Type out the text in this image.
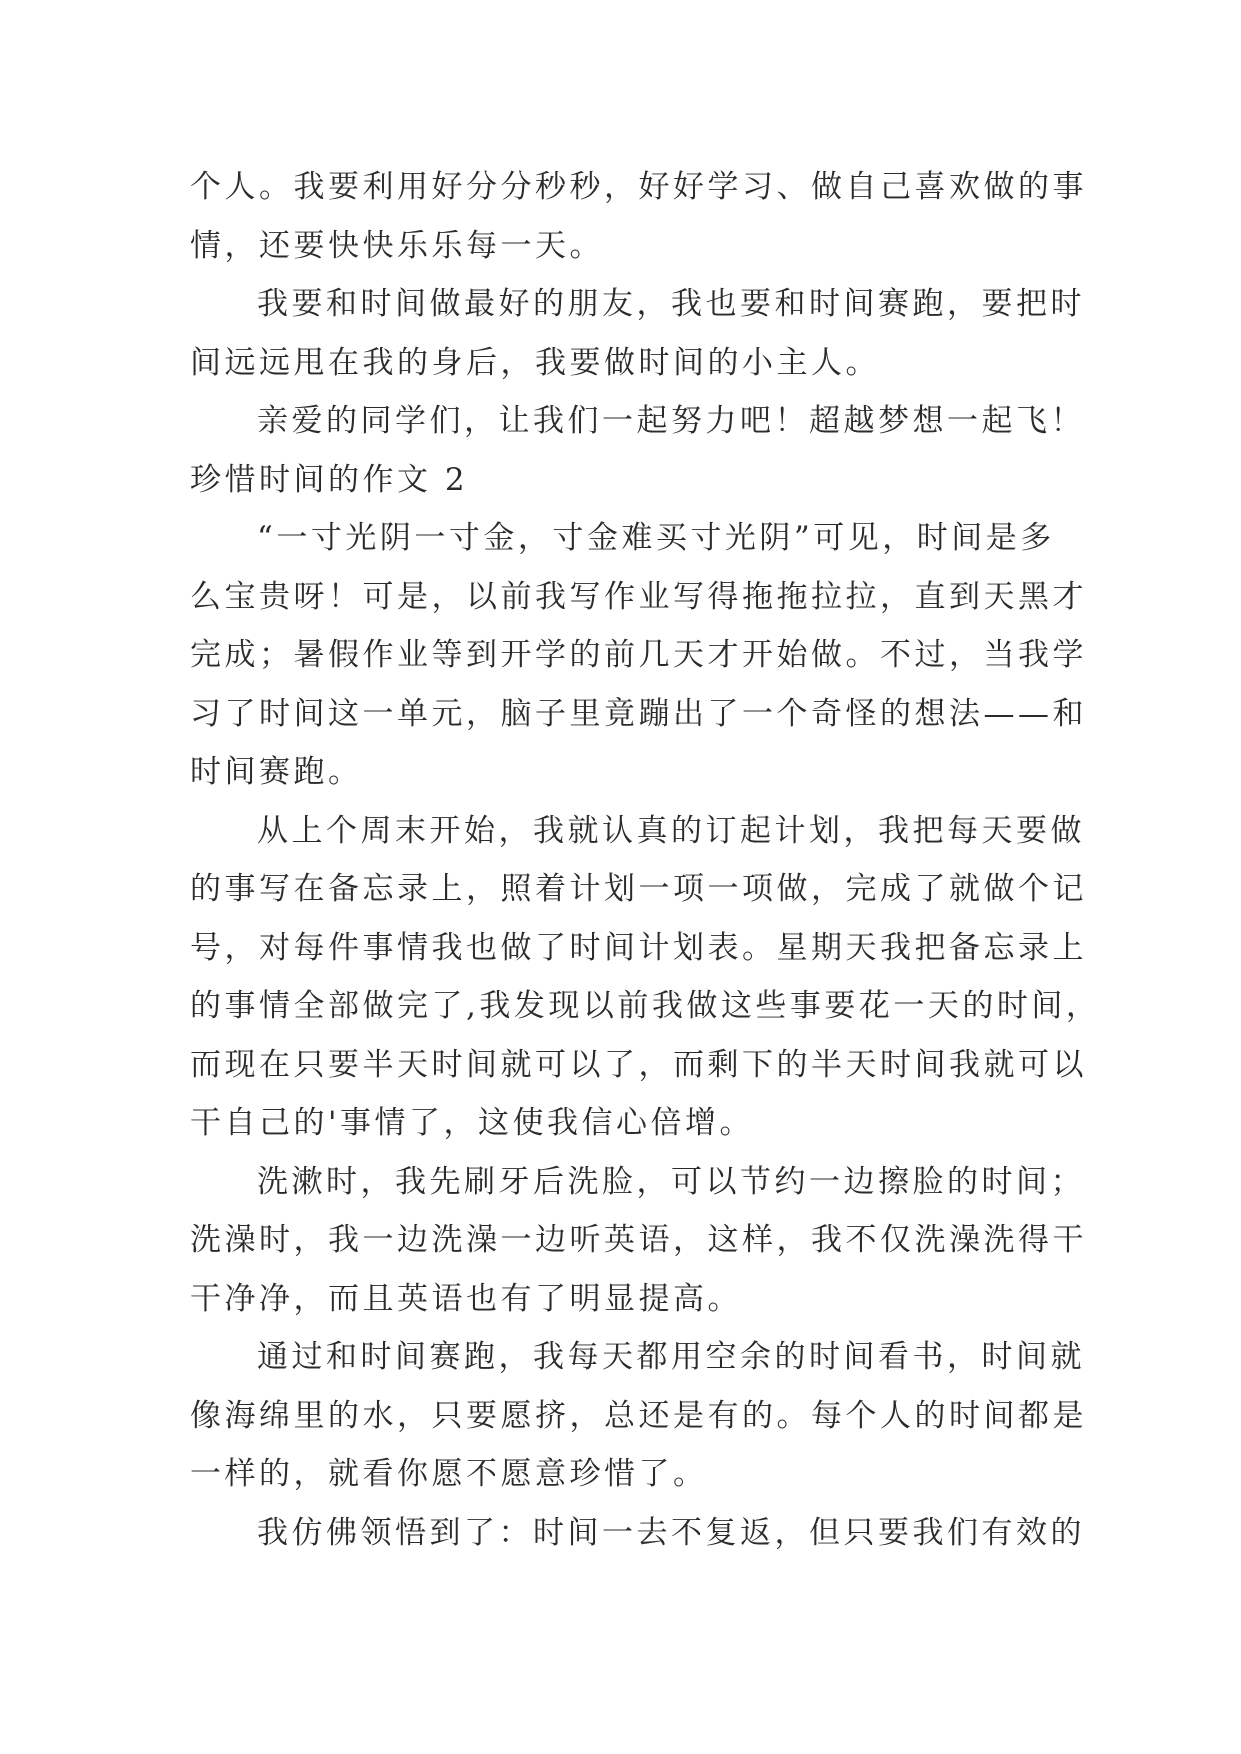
个人。我要利用好分分秒秒，好好学习、做自己喜欢做的事
情，还要快快乐乐每一天。
我要和时间做最好的朋友，我也要和时间赛跑，要把时
间远远甩在我的身后，我要做时间的小主人。
亲爱的同学们，让我们一起努力吧！超越梦想一起飞！
珍惜时间的作文 2
“一寸光阴一寸金，寸金难买寸光阴”可见，时间是多
么宝贵呀！可是，以前我写作业写得拖拖拉拉，直到天黑才
完成；暑假作业等到开学的前几天才开始做。不过，当我学
习了时间这一单元，脑子里竟蹦出了一个奇怪的想法——和
时间赛跑。
从上个周末开始，我就认真的订起计划，我把每天要做
的事写在备忘录上，照着计划一项一项做，完成了就做个记
号，对每件事情我也做了时间计划表。星期天我把备忘录上
的事情全部做完了,我发现以前我做这些事要花一天的时间，
而现在只要半天时间就可以了，而剩下的半天时间我就可以
干自己的'事情了，这使我信心倍增。
洗漱时，我先刷牙后洗脸，可以节约一边擦脸的时间；
洗澡时，我一边洗澡一边听英语，这样，我不仅洗澡洗得干
干净净，而且英语也有了明显提高。
通过和时间赛跑，我每天都用空余的时间看书，时间就
像海绵里的水，只要愿挤，总还是有的。每个人的时间都是
一样的，就看你愿不愿意珍惜了。
我仿佛领悟到了：时间一去不复返，但只要我们有效的
